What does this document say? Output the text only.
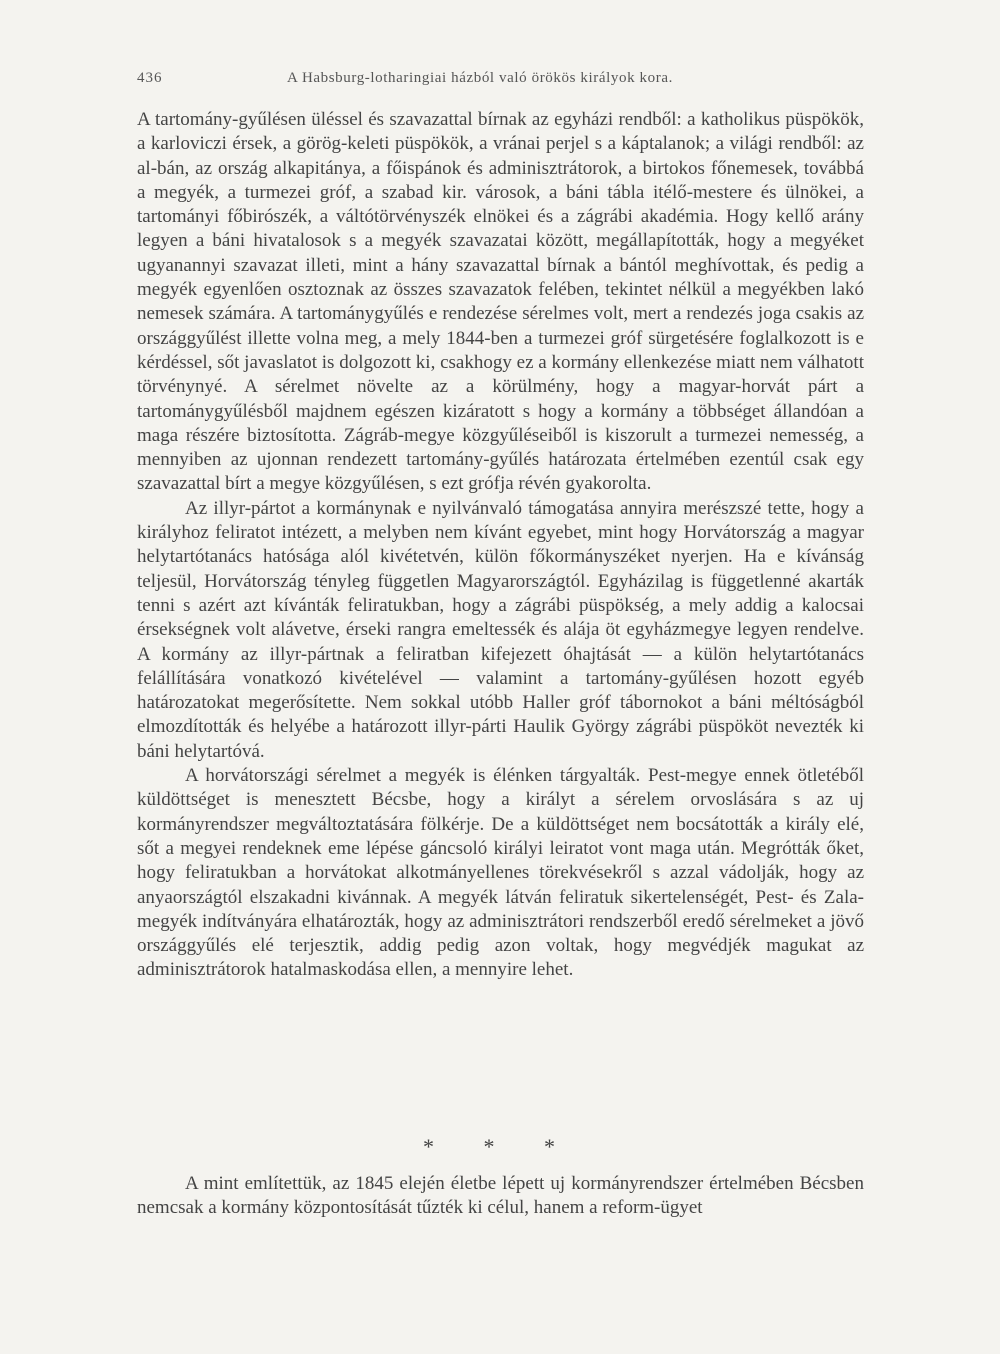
436	A Habsburg-lotharingiai házból való örökös királyok kora.

A tartomány-gyűlésen üléssel és szavazattal bírnak az egyházi rendből: a katholikus püspökök, a karloviczi érsek, a görög-keleti püspökök, a vránai perjel s a káptalanok; a világi rendből: az al-bán, az ország alkapitánya, a főispánok és adminisztrátorok, a birtokos főnemesek, továbbá a megyék, a turmezei gróf, a szabad kir. városok, a báni tábla itélő-mestere és ülnökei, a tartományi főbirószék, a váltótörvényszék elnökei és a zágrábi akadémia. Hogy kellő arány legyen a báni hivatalosok s a megyék szavazatai között, megállapították, hogy a megyéket ugyanannyi szavazat illeti, mint a hány szavazattal bírnak a bántól meghívottak, és pedig a megyék egyenlően osztoznak az összes szavazatok felében, tekintet nélkül a megyékben lakó nemesek számára. A tartománygyűlés e rendezése sérelmes volt, mert a rendezés joga csakis az országgyűlést illette volna meg, a mely 1844-ben a turmezei gróf sürgetésére foglalkozott is e kérdéssel, sőt javaslatot is dolgozott ki, csakhogy ez a kormány ellenkezése miatt nem válhatott törvénynyé. A sérelmet növelte az a körülmény, hogy a magyar-horvát párt a tartománygyűlésből majdnem egészen kizáratott s hogy a kormány a többséget állandóan a maga részére biztosította. Zágráb-megye közgyűléseiből is kiszorult a turmezei nemesség, a mennyiben az ujonnan rendezett tartomány-gyűlés határozata értelmében ezentúl csak egy szavazattal bírt a megye közgyűlésen, s ezt grófja révén gyakorolta.

Az illyr-pártot a kormánynak e nyilvánvaló támogatása annyira merészszé tette, hogy a királyhoz feliratot intézett, a melyben nem kívánt egyebet, mint hogy Horvátország a magyar helytartótanács hatósága alól kivétetvén, külön főkormányszéket nyerjen. Ha e kívánság teljesül, Horvátország tényleg független Magyarországtól. Egyházilag is függetlenné akarták tenni s azért azt kívánták feliratukban, hogy a zágrábi püspökség, a mely addig a kalocsai érsekségnek volt alávetve, érseki rangra emeltessék és alája öt egyházmegye legyen rendelve. A kormány az illyr-pártnak a feliratban kifejezett óhajtását — a külön helytartótanács felállítására vonatkozó kivételével — valamint a tartomány-gyűlésen hozott egyéb határozatokat megerősítette. Nem sokkal utóbb Haller gróf tábornokot a báni méltóságból elmozdították és helyébe a határozott illyr-párti Haulik György zágrábi püspököt nevezték ki báni helytartóvá.

A horvátországi sérelmet a megyék is élénken tárgyalták. Pest-megye ennek ötletéből küldöttséget is menesztett Bécsbe, hogy a királyt a sérelem orvoslására s az uj kormányrendszer megváltoztatására fölkérje. De a küldöttséget nem bocsátották a király elé, sőt a megyei rendeknek eme lépése gáncsoló királyi leiratot vont maga után. Megrótták őket, hogy feliratukban a horvátokat alkotmányellenes törekvésekről s azzal vádolják, hogy az anyaországtól elszakadni kivánnak. A megyék látván feliratuk sikertelenségét, Pest- és Zala-megyék indítványára elhatározták, hogy az adminisztrátori rendszerből eredő sérelmeket a jövő országgyűlés elé terjesztik, addig pedig azon voltak, hogy megvédjék magukat az adminisztrátorok hatalmaskodása ellen, a mennyire lehet.

* * *

A mint említettük, az 1845 elején életbe lépett uj kormányrendszer értelmében Bécsben nemcsak a kormány központosítását tűzték ki célul, hanem a reform-ügyet
